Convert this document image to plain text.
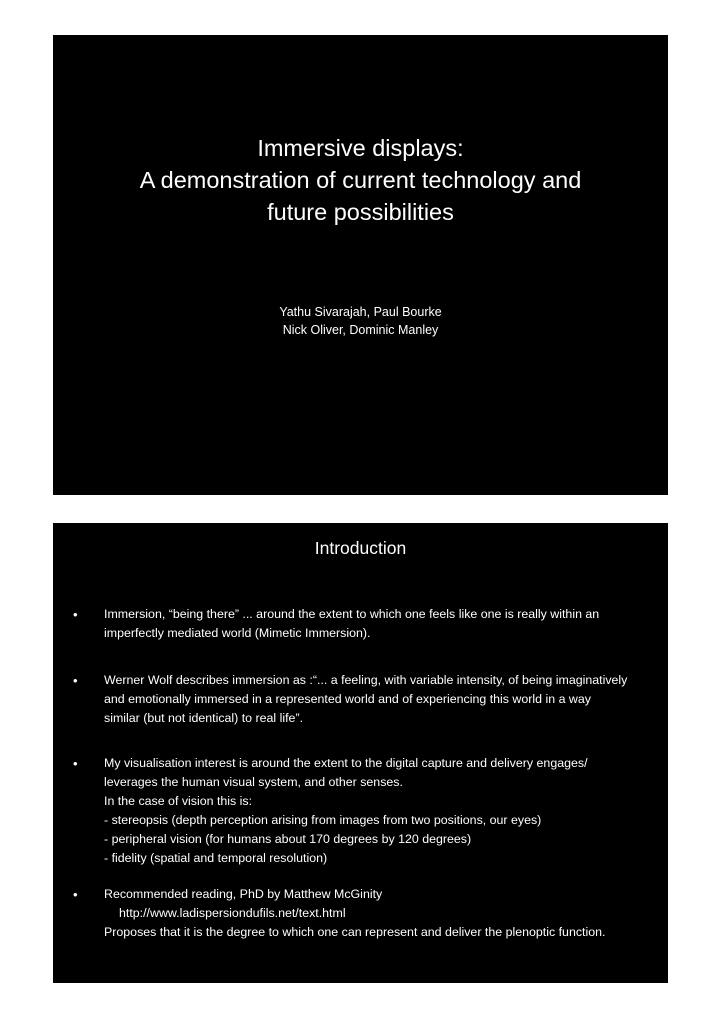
Immersive displays:
A demonstration of current technology and
future possibilities
Yathu Sivarajah, Paul Bourke
Nick Oliver, Dominic Manley
Introduction
• Immersion, “being there” ... around the extent to which one feels like one is really within an
imperfectly mediated world (Mimetic Immersion).
• Werner Wolf describes immersion as :“... a feeling, with variable intensity, of being imaginatively
and emotionally immersed in a represented world and of experiencing this world in a way
similar (but not identical) to real life”.
• My visualisation interest is around the extent to the digital capture and delivery engages/
leverages the human visual system, and other senses.
In the case of vision this is:
- stereopsis (depth perception arising from images from two positions, our eyes)
- peripheral vision (for humans about 170 degrees by 120 degrees)
- fidelity (spatial and temporal resolution)
• Recommended reading, PhD by Matthew McGinity
http://www.ladispersiondufils.net/text.html
Proposes that it is the degree to which one can represent and deliver the plenoptic function.
